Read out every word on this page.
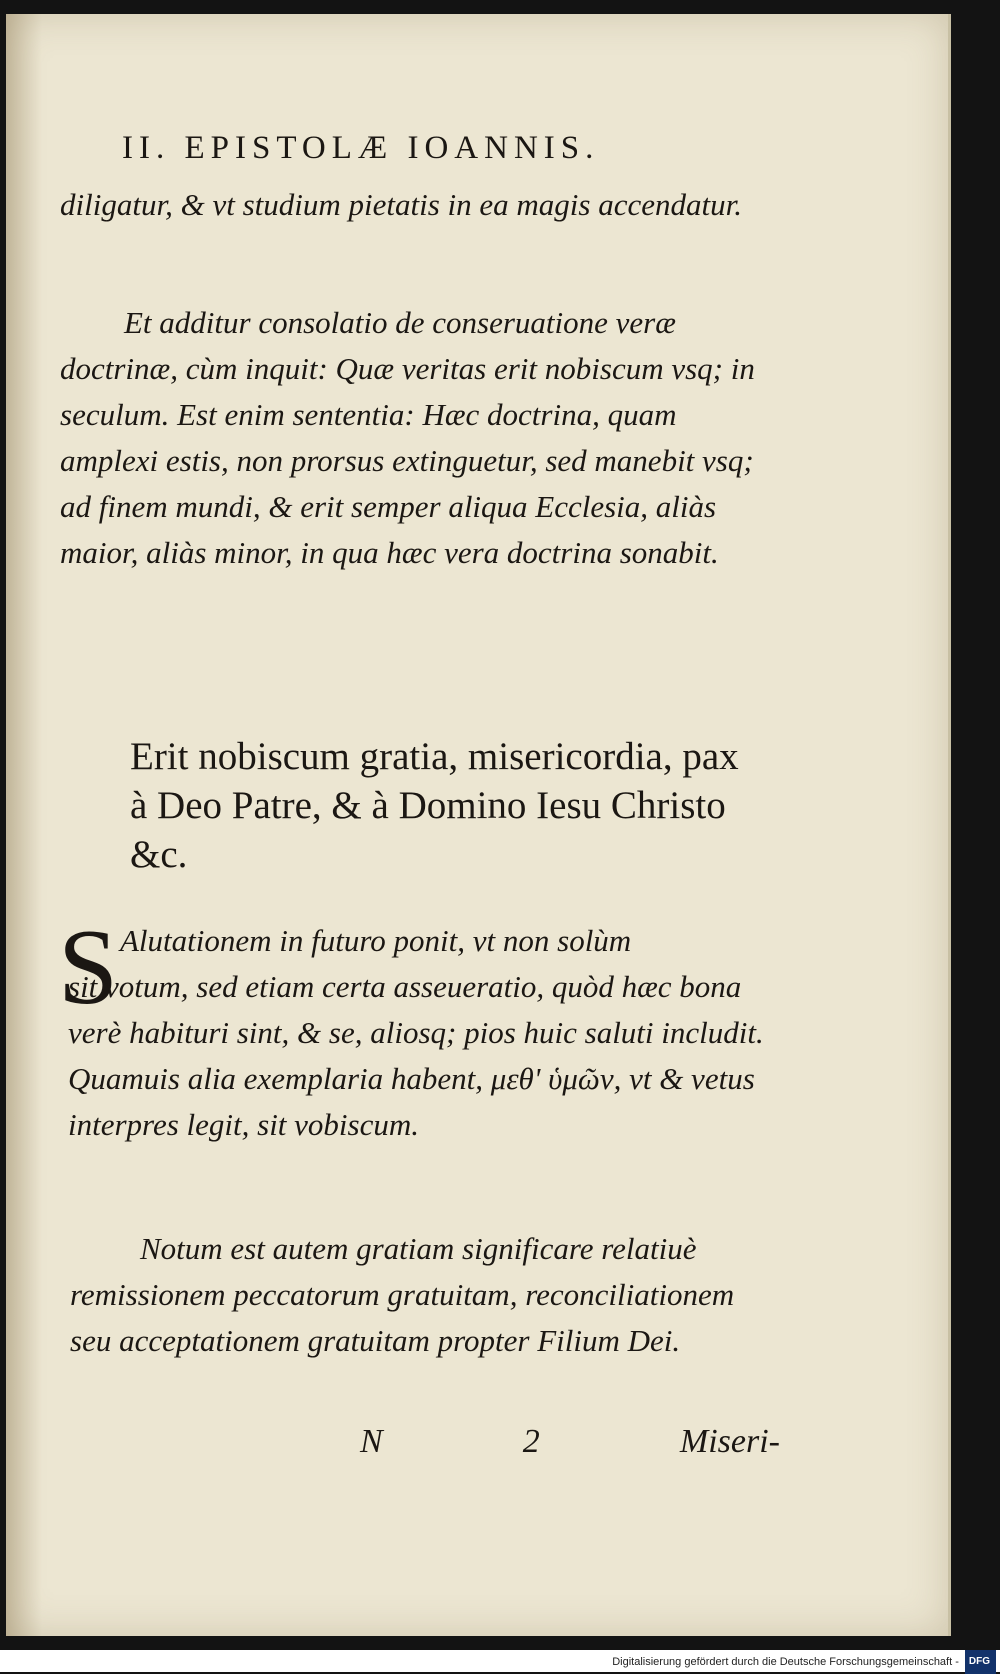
II. EPISTOLÆ IOANNIS.
diligatur, & vt studium pietatis in ea magis accendatur.
Et additur consolatio de conseruatione veræ doctrinæ, cùm inquit: Quæ veritas erit nobiscum vsq; in seculum. Est enim sententia: Hæc doctrina, quam amplexi estis, non prorsus extinguetur, sed manebit vsq; ad finem mundi, & erit semper aliqua Ecclesia, aliàs maior, aliàs minor, in qua hæc vera doctrina sonabit.
Erit nobiscum gratia, misericordia, pax à Deo Patre, & à Domino Iesu Christo &c.
S Alutationem in futuro ponit, vt non solùm
sit votum, sed etiam certa asseueratio, quòd hæc bona verè habituri sint, & se, aliosq; pios huic saluti includit. Quamuis alia exemplaria habent, μεθ' ὑμῶν, vt & vetus interpres legit, sit vobiscum.
Notum est autem gratiam significare relatiuè remissionem peccatorum gratuitam, reconciliationem seu acceptationem gratuitam propter Filium Dei.
N	2	Miseri-
Digitalisierung gefördert durch die Deutsche Forschungsgemeinschaft - DFG
